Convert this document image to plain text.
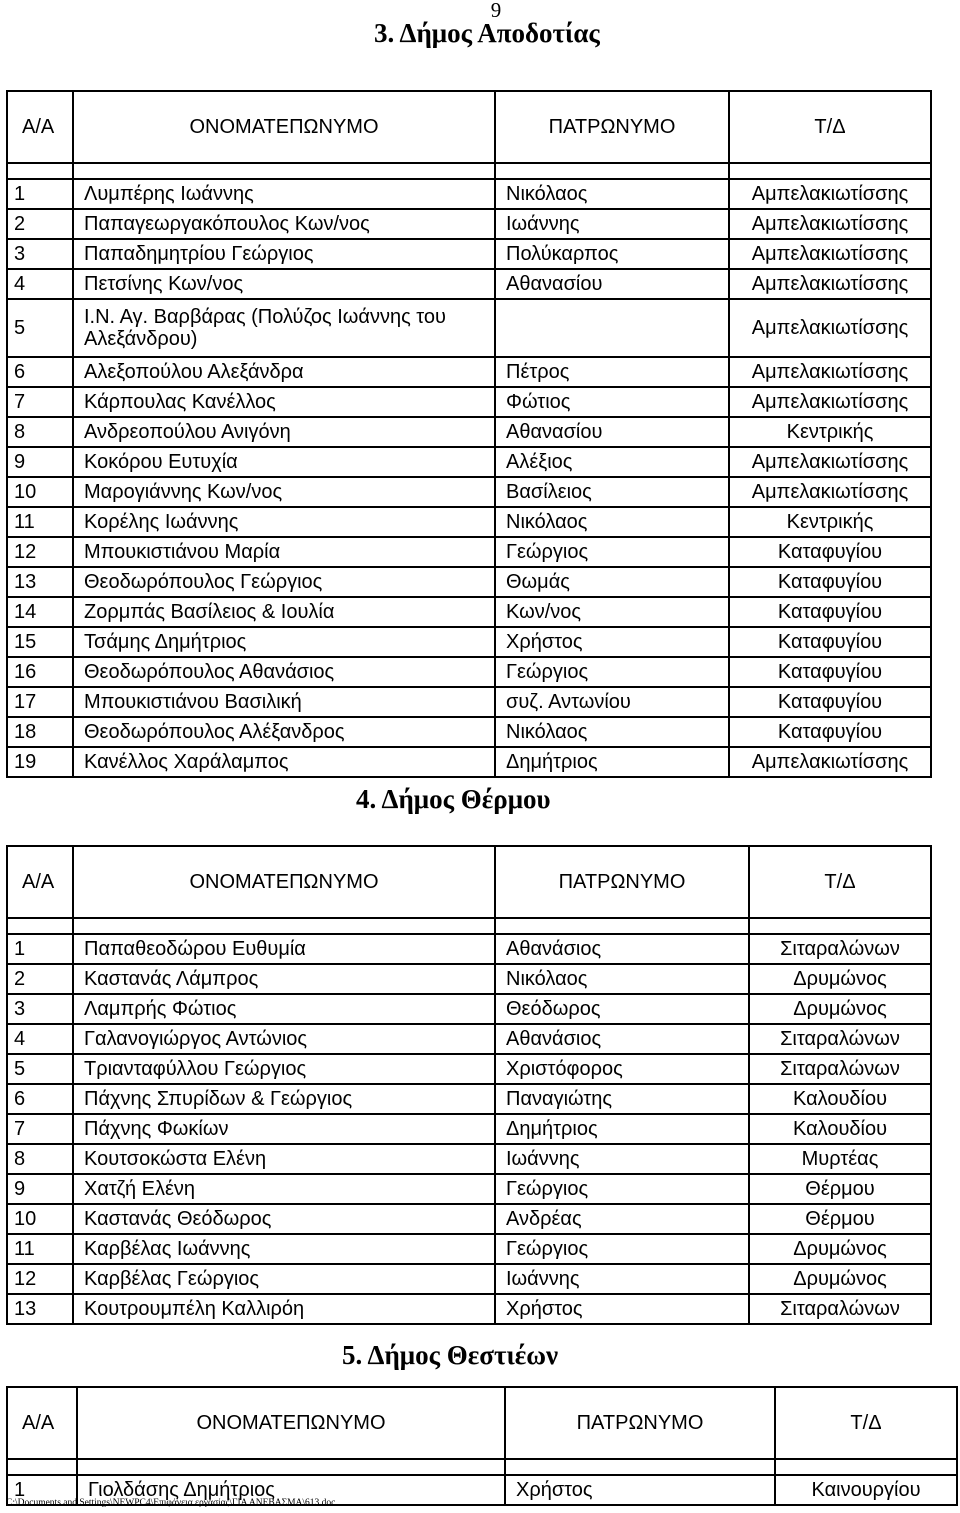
9
3. Δήμος Αποδοτίας
Α/Α	ΟΝΟΜΑΤΕΠΩΝΥΜΟ	ΠΑΤΡΩΝΥΜΟ	Τ/Δ

1	Λυμπέρης Ιωάννης	Νικόλαος	Αμπελακιωτίσσης
2	Παπαγεωργακόπουλος Κων/νος	Ιωάννης	Αμπελακιωτίσσης
3	Παπαδημητρίου Γεώργιος	Πολύκαρπος	Αμπελακιωτίσσης
4	Πετσίνης Κων/νος	Αθανασίου	Αμπελακιωτίσσης
5	Ι.Ν. Αγ. Βαρβάρας (Πολύζος Ιωάννης του Αλεξάνδρου)		Αμπελακιωτίσσης
6	Αλεξοπούλου Αλεξάνδρα	Πέτρος	Αμπελακιωτίσσης
7	Κάρπουλας Κανέλλος	Φώτιος	Αμπελακιωτίσσης
8	Ανδρεοπούλου Ανιγόνη	Αθανασίου	Κεντρικής
9	Κοκόρου Ευτυχία	Αλέξιος	Αμπελακιωτίσσης
10	Μαρογιάννης Κων/νος	Βασίλειος	Αμπελακιωτίσσης
11	Κορέλης Ιωάννης	Νικόλαος	Κεντρικής
12	Μπουκιστιάνου Μαρία	Γεώργιος	Καταφυγίου
13	Θεοδωρόπουλος Γεώργιος	Θωμάς	Καταφυγίου
14	Ζορμπάς Βασίλειος & Ιουλία	Κων/νος	Καταφυγίου
15	Τσάμης Δημήτριος	Χρήστος	Καταφυγίου
16	Θεοδωρόπουλος Αθανάσιος	Γεώργιος	Καταφυγίου
17	Μπουκιστιάνου Βασιλική	συζ. Αντωνίου	Καταφυγίου
18	Θεοδωρόπουλος Αλέξανδρος	Νικόλαος	Καταφυγίου
19	Κανέλλος Χαράλαμπος	Δημήτριος	Αμπελακιωτίσσης
4. Δήμος Θέρμου
Α/Α	ΟΝΟΜΑΤΕΠΩΝΥΜΟ	ΠΑΤΡΩΝΥΜΟ	Τ/Δ

1	Παπαθεοδώρου Ευθυμία	Αθανάσιος	Σιταραλώνων
2	Καστανάς Λάμπρος	Νικόλαος	Δρυμώνος
3	Λαμπρής Φώτιος	Θεόδωρος	Δρυμώνος
4	Γαλανογιώργος Αντώνιος	Αθανάσιος	Σιταραλώνων
5	Τριανταφύλλου Γεώργιος	Χριστόφορος	Σιταραλώνων
6	Πάχνης Σπυρίδων & Γεώργιος	Παναγιώτης	Καλουδίου
7	Πάχνης Φωκίων	Δημήτριος	Καλουδίου
8	Κουτσοκώστα Ελένη	Ιωάννης	Μυρτέας
9	Χατζή Ελένη	Γεώργιος	Θέρμου
10	Καστανάς Θεόδωρος	Ανδρέας	Θέρμου
11	Καρβέλας Ιωάννης	Γεώργιος	Δρυμώνος
12	Καρβέλας Γεώργιος	Ιωάννης	Δρυμώνος
13	Κουτρουμπέλη Καλλιρόη	Χρήστος	Σιταραλώνων
5. Δήμος Θεστιέων
Α/Α	ΟΝΟΜΑΤΕΠΩΝΥΜΟ	ΠΑΤΡΩΝΥΜΟ	Τ/Δ

1	Γιολδάσης Δημήτριος	Χρήστος	Καινουργίου
C:\Documents and Settings\NEWPC4\Επιφάνεια εργασίας\ΓΙΑ ΑΝΕΒΑΣΜΑ\613.doc
